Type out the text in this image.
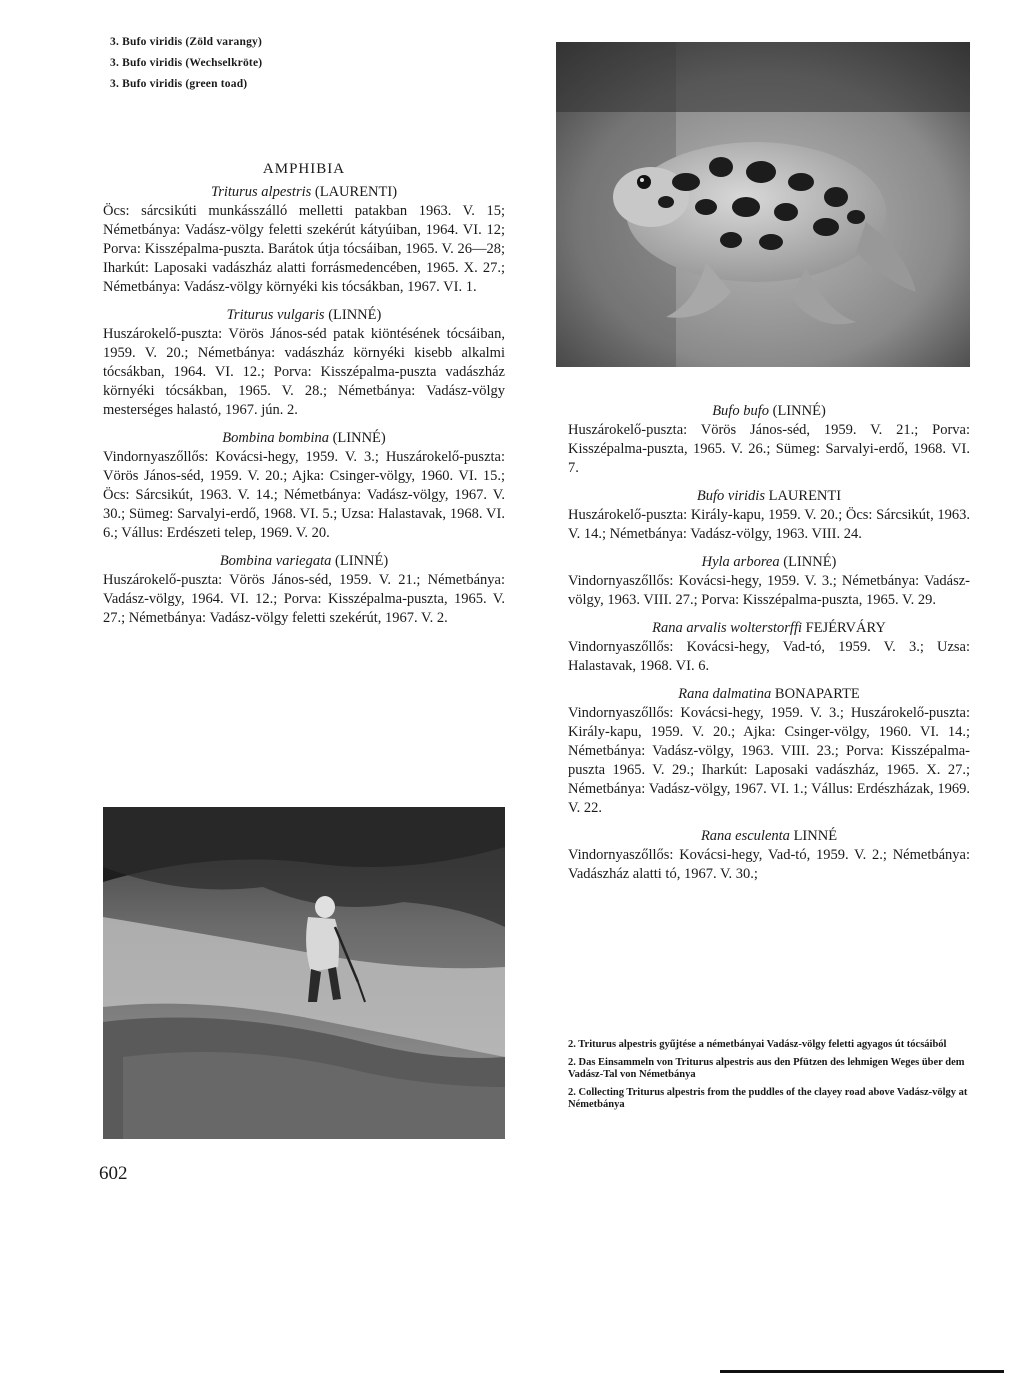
3. Bufo viridis (Zöld varangy)
3. Bufo viridis (Wechselkröte)
3. Bufo viridis (green toad)
AMPHIBIA
Triturus alpestris (LAURENTI)

Öcs: sárcsikúti munkásszálló melletti patakban 1963. V. 15; Németbánya: Vadász-völgy feletti szekérút kátyúiban, 1964. VI. 12; Porva: Kisszépalma-puszta. Barátok útja tócsáiban, 1965. V. 26—28; Iharkút: Laposaki vadászház alatti forrásmedencében, 1965. X. 27.; Németbánya: Vadász-völgy környéki kis tócsákban, 1967. VI. 1.

Triturus vulgaris (LINNÉ)

Huszárokelő-puszta: Vörös János-séd patak kiöntésének tócsáiban, 1959. V. 20.; Németbánya: vadászház környéki kisebb alkalmi tócsákban, 1964. VI. 12.; Porva: Kisszépalma-puszta vadászház környéki tócsákban, 1965. V. 28.; Németbánya: Vadász-völgy mesterséges halastó, 1967. jún. 2.

Bombina bombina (LINNÉ)

Vindornyaszőllős: Kovácsi-hegy, 1959. V. 3.; Huszárokelő-puszta: Vörös János-séd, 1959. V. 20.; Ajka: Csinger-völgy, 1960. VI. 15.; Öcs: Sárcsikút, 1963. V. 14.; Németbánya: Vadász-völgy, 1967. V. 30.; Sümeg: Sarvalyi-erdő, 1968. VI. 5.; Uzsa: Halastavak, 1968. VI. 6.; Vállus: Erdészeti telep, 1969. V. 20.

Bombina variegata (LINNÉ)

Huszárokelő-puszta: Vörös János-séd, 1959. V. 21.; Németbánya: Vadász-völgy, 1964. VI. 12.; Porva: Kisszépalma-puszta, 1965. V. 27.; Németbánya: Vadász-völgy feletti szekérút, 1967. V. 2.

Bufo bufo (LINNÉ)

Huszárokelő-puszta: Vörös János-séd, 1959. V. 21.; Porva: Kisszépalma-puszta, 1965. V. 26.; Sümeg: Sarvalyi-erdő, 1968. VI. 7.

Bufo viridis LAURENTI

Huszárokelő-puszta: Király-kapu, 1959. V. 20.; Öcs: Sárcsikút, 1963. V. 14.; Németbánya: Vadász-völgy, 1963. VIII. 24.

Hyla arborea (LINNÉ)

Vindornyaszőllős: Kovácsi-hegy, 1959. V. 3.; Németbánya: Vadász-völgy, 1963. VIII. 27.; Porva: Kisszépalma-puszta, 1965. V. 29.

Rana arvalis wolterstorffi FEJÉRVÁRY

Vindornyaszőllős: Kovácsi-hegy, Vad-tó, 1959. V. 3.; Uzsa: Halastavak, 1968. VI. 6.

Rana dalmatina BONAPARTE

Vindornyaszőllős: Kovácsi-hegy, 1959. V. 3.; Huszárokelő-puszta: Király-kapu, 1959. V. 20.; Ajka: Csinger-völgy, 1960. VI. 14.; Németbánya: Vadász-völgy, 1963. VIII. 23.; Porva: Kisszépalma-puszta 1965. V. 29.; Iharkút: Laposaki vadászház, 1965. X. 27.; Németbánya: Vadász-völgy, 1967. VI. 1.; Vállus: Erdészházak, 1969. V. 22.

Rana esculenta LINNÉ

Vindornyaszőllős: Kovácsi-hegy, Vad-tó, 1959. V. 2.; Németbánya: Vadászház alatti tó, 1967. V. 30.;

2. Triturus alpestris gyűjtése a németbányai Vadász-völgy feletti agyagos út tócsáiból

2. Das Einsammeln von Triturus alpestris aus den Pfützen des lehmigen Weges über dem Vadász-Tal von Németbánya

2. Collecting Triturus alpestris from the puddles of the clayey road above Vadász-völgy at Németbánya

602
